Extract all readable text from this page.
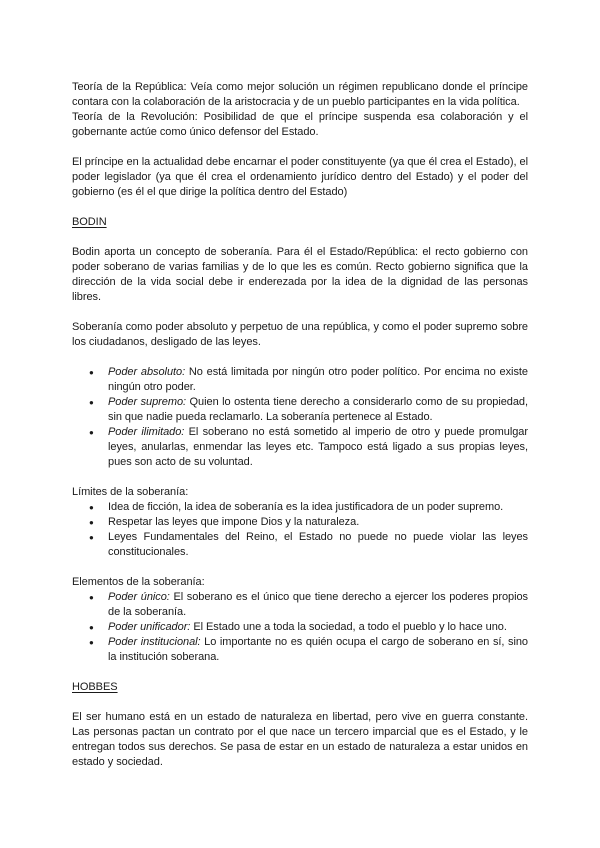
Teoría de la República: Veía como mejor solución un régimen republicano donde el príncipe contara con la colaboración de la aristocracia y de un pueblo participantes en la vida política.

Teoría de la Revolución: Posibilidad de que el príncipe suspenda esa colaboración y el gobernante actúe como único defensor del Estado.

El príncipe en la actualidad debe encarnar el poder constituyente (ya que él crea el Estado), el poder legislador (ya que él crea el ordenamiento jurídico dentro del Estado) y el poder del gobierno (es él el que dirige la política dentro del Estado)

BODIN

Bodin aporta un concepto de soberanía. Para él el Estado/República: el recto gobierno con poder soberano de varias familias y de lo que les es común. Recto gobierno significa que la dirección de la vida social debe ir enderezada por la idea de la dignidad de las personas libres.

Soberanía como poder absoluto y perpetuo de una república, y como el poder supremo sobre los ciudadanos, desligado de las leyes.

● Poder absoluto: No está limitada por ningún otro poder político. Por encima no existe ningún otro poder.
● Poder supremo: Quien lo ostenta tiene derecho a considerarlo como de su propiedad, sin que nadie pueda reclamarlo. La soberanía pertenece al Estado.
● Poder ilimitado: El soberano no está sometido al imperio de otro y puede promulgar leyes, anularlas, enmendar las leyes etc. Tampoco está ligado a sus propias leyes, pues son acto de su voluntad.

Límites de la soberanía:

● Idea de ficción, la idea de soberanía es la idea justificadora de un poder supremo.
● Respetar las leyes que impone Dios y la naturaleza.
● Leyes Fundamentales del Reino, el Estado no puede no puede violar las leyes constitucionales.

Elementos de la soberanía:

● Poder único: El soberano es el único que tiene derecho a ejercer los poderes propios de la soberanía.
● Poder unificador: El Estado une a toda la sociedad, a todo el pueblo y lo hace uno.
● Poder institucional: Lo importante no es quién ocupa el cargo de soberano en sí, sino la institución soberana.

HOBBES

El ser humano está en un estado de naturaleza en libertad, pero vive en guerra constante. Las personas pactan un contrato por el que nace un tercero imparcial que es el Estado, y le entregan todos sus derechos. Se pasa de estar en un estado de naturaleza a estar unidos en estado y sociedad.
